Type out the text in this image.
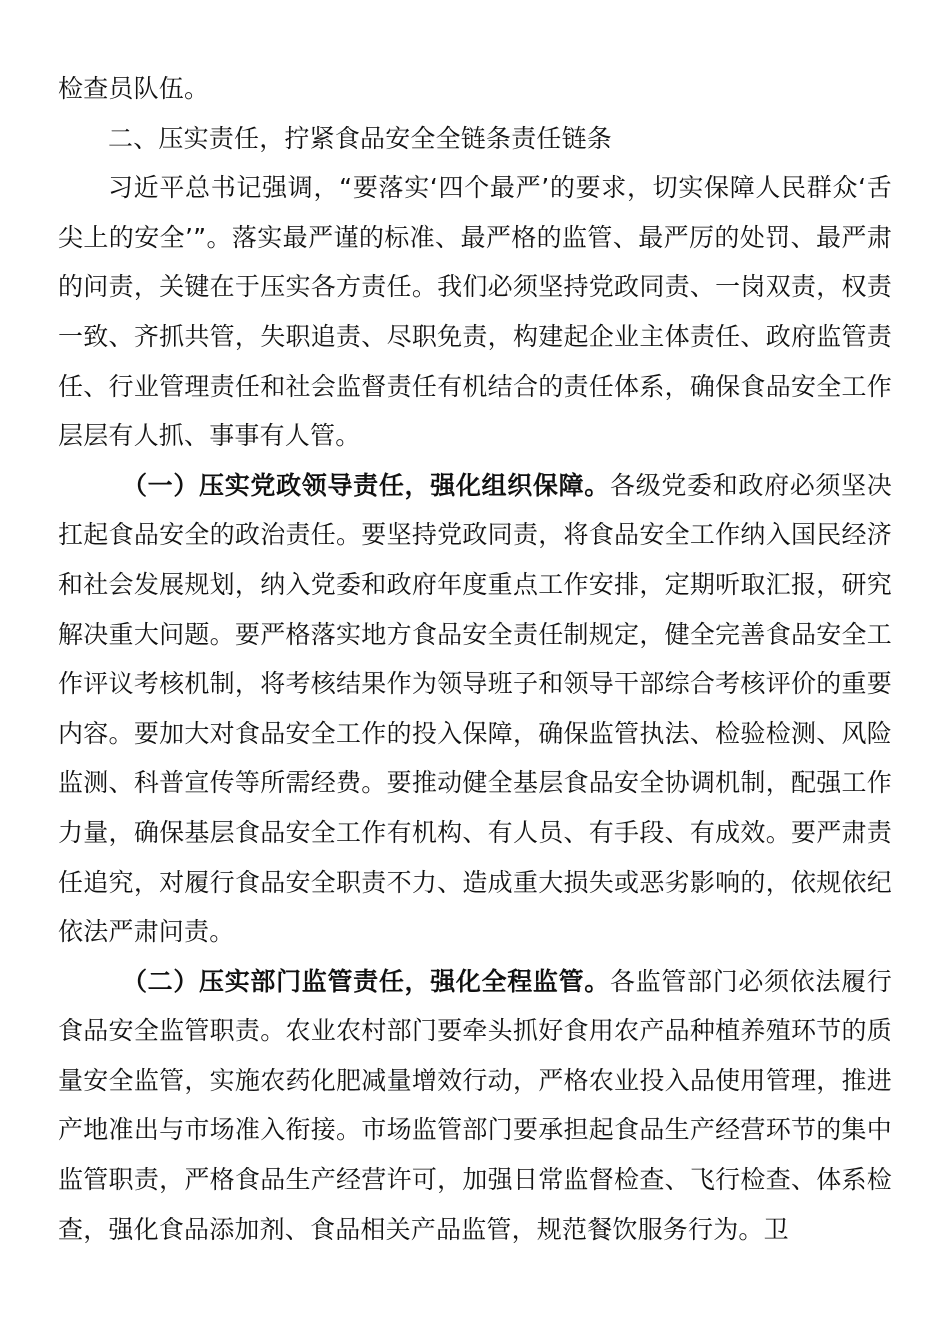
检查员队伍。

二、压实责任，拧紧食品安全全链条责任链条

习近平总书记强调，“要落实‘四个最严’的要求，切实保障人民群众‘舌尖上的安全’”。落实最严谨的标准、最严格的监管、最严厉的处罚、最严肃的问责，关键在于压实各方责任。我们必须坚持党政同责、一岗双责，权责一致、齐抓共管，失职追责、尽职免责，构建起企业主体责任、政府监管责任、行业管理责任和社会监督责任有机结合的责任体系，确保食品安全工作层层有人抓、事事有人管。

（一）压实党政领导责任，强化组织保障。各级党委和政府必须坚决扛起食品安全的政治责任。要坚持党政同责，将食品安全工作纳入国民经济和社会发展规划，纳入党委和政府年度重点工作安排，定期听取汇报，研究解决重大问题。要严格落实地方食品安全责任制规定，健全完善食品安全工作评议考核机制，将考核结果作为领导班子和领导干部综合考核评价的重要内容。要加大对食品安全工作的投入保障，确保监管执法、检验检测、风险监测、科普宣传等所需经费。要推动健全基层食品安全协调机制，配强工作力量，确保基层食品安全工作有机构、有人员、有手段、有成效。要严肃责任追究，对履行食品安全职责不力、造成重大损失或恶劣影响的，依规依纪依法严肃问责。

（二）压实部门监管责任，强化全程监管。各监管部门必须依法履行食品安全监管职责。农业农村部门要牵头抓好食用农产品种植养殖环节的质量安全监管，实施农药化肥减量增效行动，严格农业投入品使用管理，推进产地准出与市场准入衔接。市场监管部门要承担起食品生产经营环节的集中监管职责，严格食品生产经营许可，加强日常监督检查、飞行检查、体系检查，强化食品添加剂、食品相关产品监管，规范餐饮服务行为。卫
